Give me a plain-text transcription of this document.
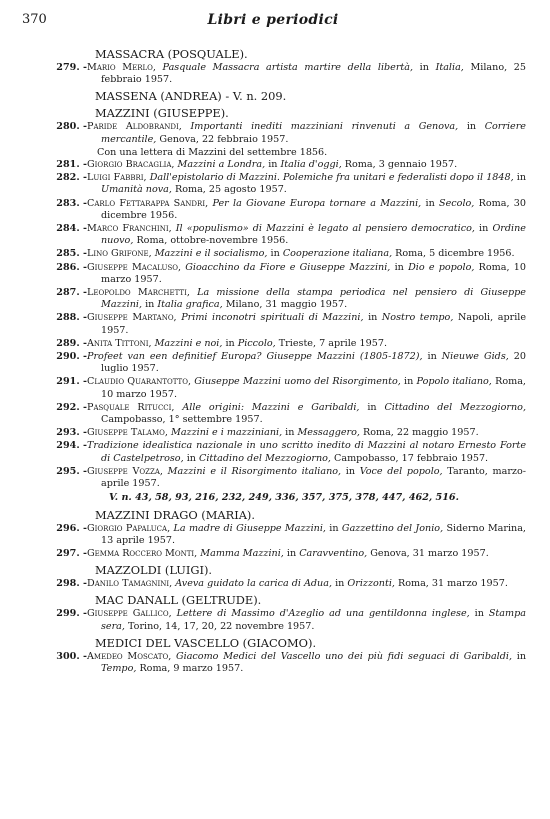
370	Libri e periodici
MASSACRA (POSQUALE).
279. - Mario Merlo, Pasquale Massacra artista martire della libertà, in Italia, Milano, 25 febbraio 1957.
MASSENA (ANDREA) - V. n. 209.
MAZZINI (GIUSEPPE).
280. - Paride Aldobrandi, Importanti inediti mazziniani rinvenuti a Genova, in Corriere mercantile, Genova, 22 febbraio 1957.
Con una lettera di Mazzini del settembre 1856.
281. - Giorgio Bracaglia, Mazzini a Londra, in Italia d'oggi, Roma, 3 gennaio 1957.
282. - Luigi Fabbri, Dall'epistolario di Mazzini. Polemiche fra unitari e federalisti dopo il 1848, in Umanità nova, Roma, 25 agosto 1957.
283. - Carlo Fettarappa Sandri, Per la Giovane Europa tornare a Mazzini, in Secolo, Roma, 30 dicembre 1956.
284. - Marco Franchini, Il «populismo» di Mazzini è legato al pensiero democratico, in Ordine nuovo, Roma, ottobre-novembre 1956.
285. - Lino Grifone, Mazzini e il socialismo, in Cooperazione italiana, Roma, 5 dicembre 1956.
286. - Giuseppe Macaluso, Gioacchino da Fiore e Giuseppe Mazzini, in Dio e popolo, Roma, 10 marzo 1957.
287. - Leopoldo Marchetti, La missione della stampa periodica nel pensiero di Giuseppe Mazzini, in Italia grafica, Milano, 31 maggio 1957.
288. - Giuseppe Martano, Primi inconotri spirituali di Mazzini, in Nostro tempo, Napoli, aprile 1957.
289. - Anita Tittoni, Mazzini e noi, in Piccolo, Trieste, 7 aprile 1957.
290. - Profeet van een definitief Europa? Giuseppe Mazzini (1805-1872), in Nieuwe Gids, 20 luglio 1957.
291. - Claudio Quarantotto, Giuseppe Mazzini uomo del Risorgimento, in Popolo italiano, Roma, 10 marzo 1957.
292. - Pasquale Ritucci, Alle origini: Mazzini e Garibaldi, in Cittadino del Mezzogiorno, Campobasso, 1° settembre 1957.
293. - Giuseppe Talamo, Mazzini e i mazziniani, in Messaggero, Roma, 22 maggio 1957.
294. - Tradizione idealistica nazionale in uno scritto inedito di Mazzini al notaro Ernesto Forte di Castelpetroso, in Cittadino del Mezzogiorno, Campobasso, 17 febbraio 1957.
295. - Giuseppe Vozza, Mazzini e il Risorgimento italiano, in Voce del popolo, Taranto, marzo-aprile 1957.
V. n. 43, 58, 93, 216, 232, 249, 336, 357, 375, 378, 447, 462, 516.
MAZZINI DRAGO (MARIA).
296. - Giorgio Papaluca, La madre di Giuseppe Mazzini, in Gazzettino del Jonio, Siderno Marina, 13 aprile 1957.
297. - Gemma Roccero Monti, Mamma Mazzini, in Caravventino, Genova, 31 marzo 1957.
MAZZOLDI (LUIGI).
298. - Danilo Tamagnini, Aveva guidato la carica di Adua, in Orizzonti, Roma, 31 marzo 1957.
MAC DANALL (GELTRUDE).
299. - Giuseppe Gallico, Lettere di Massimo d'Azeglio ad una gentildonna inglese, in Stampa sera, Torino, 14, 17, 20, 22 novembre 1957.
MEDICI DEL VASCELLO (GIACOMO).
300. - Amedeo Moscato, Giacomo Medici del Vascello uno dei più fidi seguaci di Garibaldi, in Tempo, Roma, 9 marzo 1957.
